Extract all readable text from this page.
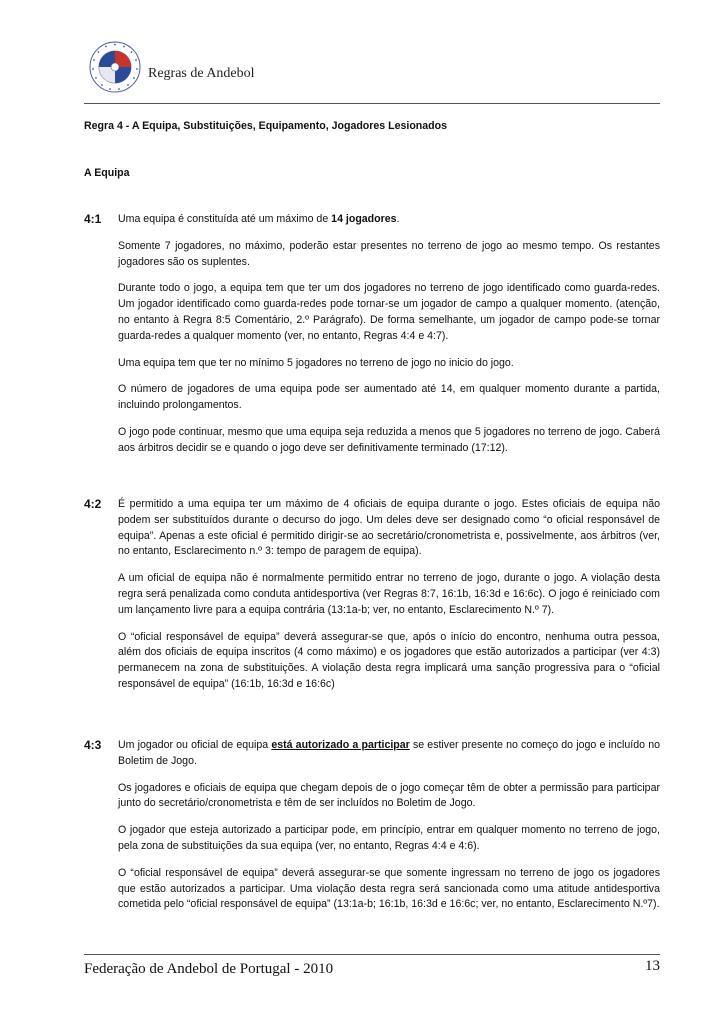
Regras de Andebol
Regra 4 - A Equipa, Substituições, Equipamento, Jogadores Lesionados
A Equipa
4:1 Uma equipa é constituída até um máximo de 14 jogadores.

Somente 7 jogadores, no máximo, poderão estar presentes no terreno de jogo ao mesmo tempo. Os restantes jogadores são os suplentes.

Durante todo o jogo, a equipa tem que ter um dos jogadores no terreno de jogo identificado como guarda-redes. Um jogador identificado como guarda-redes pode tornar-se um jogador de campo a qualquer momento. (atenção, no entanto à Regra 8:5 Comentário, 2.º Parágrafo). De forma semelhante, um jogador de campo pode-se tornar guarda-redes a qualquer momento (ver, no entanto, Regras 4:4 e 4:7).

Uma equipa tem que ter no mínimo 5 jogadores no terreno de jogo no inicio do jogo.

O número de jogadores de uma equipa pode ser aumentado até 14, em qualquer momento durante a partida, incluindo prolongamentos.

O jogo pode continuar, mesmo que uma equipa seja reduzida a menos que 5 jogadores no terreno de jogo. Caberá aos árbitros decidir se e quando o jogo deve ser definitivamente terminado (17:12).

4:2 É permitido a uma equipa ter um máximo de 4 oficiais de equipa durante o jogo. Estes oficiais de equipa não podem ser substituídos durante o decurso do jogo. Um deles deve ser designado como “o oficial responsável de equipa”. Apenas a este oficial é permitido dirigir-se ao secretário/cronometrista e, possivelmente, aos árbitros (ver, no entanto, Esclarecimento n.º 3: tempo de paragem de equipa).

A um oficial de equipa não é normalmente permitido entrar no terreno de jogo, durante o jogo. A violação desta regra será penalizada como conduta antidesportiva (ver Regras 8:7, 16:1b, 16:3d e 16:6c). O jogo é reiniciado com um lançamento livre para a equipa contrária (13:1a-b; ver, no entanto, Esclarecimento N.º 7).

O “oficial responsável de equipa” deverá assegurar-se que, após o início do encontro, nenhuma outra pessoa, além dos oficiais de equipa inscritos (4 como máximo) e os jogadores que estão autorizados a participar (ver 4:3) permanecem na zona de substituições. A violação desta regra implicará uma sanção progressiva para o “oficial responsável de equipa” (16:1b, 16:3d e 16:6c)

4:3 Um jogador ou oficial de equipa está autorizado a participar se estiver presente no começo do jogo e incluído no Boletim de Jogo.

Os jogadores e oficiais de equipa que chegam depois de o jogo começar têm de obter a permissão para participar junto do secretário/cronometrista e têm de ser incluídos no Boletim de Jogo.

O jogador que esteja autorizado a participar pode, em princípio, entrar em qualquer momento no terreno de jogo, pela zona de substituições da sua equipa (ver, no entanto, Regras 4:4 e 4:6).

O “oficial responsável de equipa” deverá assegurar-se que somente ingressam no terreno de jogo os jogadores que estão autorizados a participar. Uma violação desta regra será sancionada como uma atitude antidesportiva cometida pelo “oficial responsável de equipa” (13:1a-b; 16:1b, 16:3d e 16:6c; ver, no entanto, Esclarecimento N.º7).

Federação de Andebol de Portugal - 2010	13
